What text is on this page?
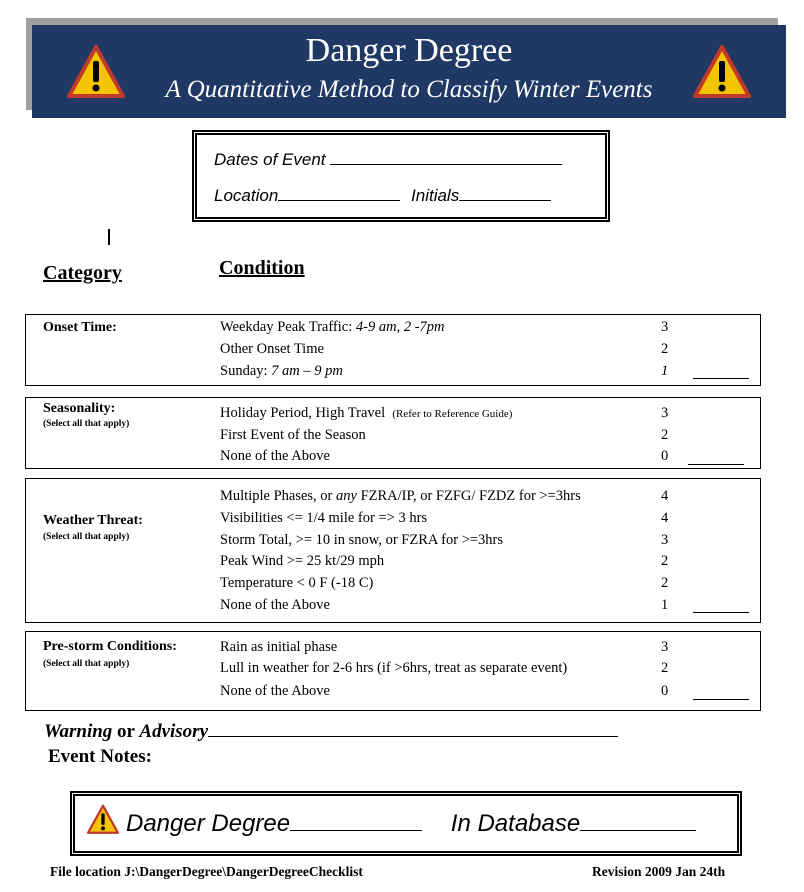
Danger Degree
A Quantitative Method to Classify Winter Events
Dates of Event
Location	Initials
Category	Condition
Onset Time:	Weekday Peak Traffic: 4-9 am, 2 -7pm	3
Other Onset Time	2
Sunday: 7 am – 9 pm	1
Seasonality:
(Select all that apply)
Holiday Period, High Travel (Refer to Reference Guide)	3
First Event of the Season	2
None of the Above	0
Weather Threat:
(Select all that apply)
Multiple Phases, or any FZRA/IP, or FZFG/ FZDZ for >=3hrs	4
Visibilities <= 1/4 mile for => 3 hrs	4
Storm Total, >= 10 in snow, or FZRA for >=3hrs	3
Peak Wind >= 25 kt/29 mph	2
Temperature < 0 F (-18 C)	2
None of the Above	1
Pre-storm Conditions:
(Select all that apply)
Rain as initial phase	3
Lull in weather for 2-6 hrs (if >6hrs, treat as separate event)	2
None of the Above	0
Warning or Advisory
Event Notes:
Danger Degree	In Database
File location J:\DangerDegree\DangerDegreeChecklist	Revision 2009 Jan 24th
